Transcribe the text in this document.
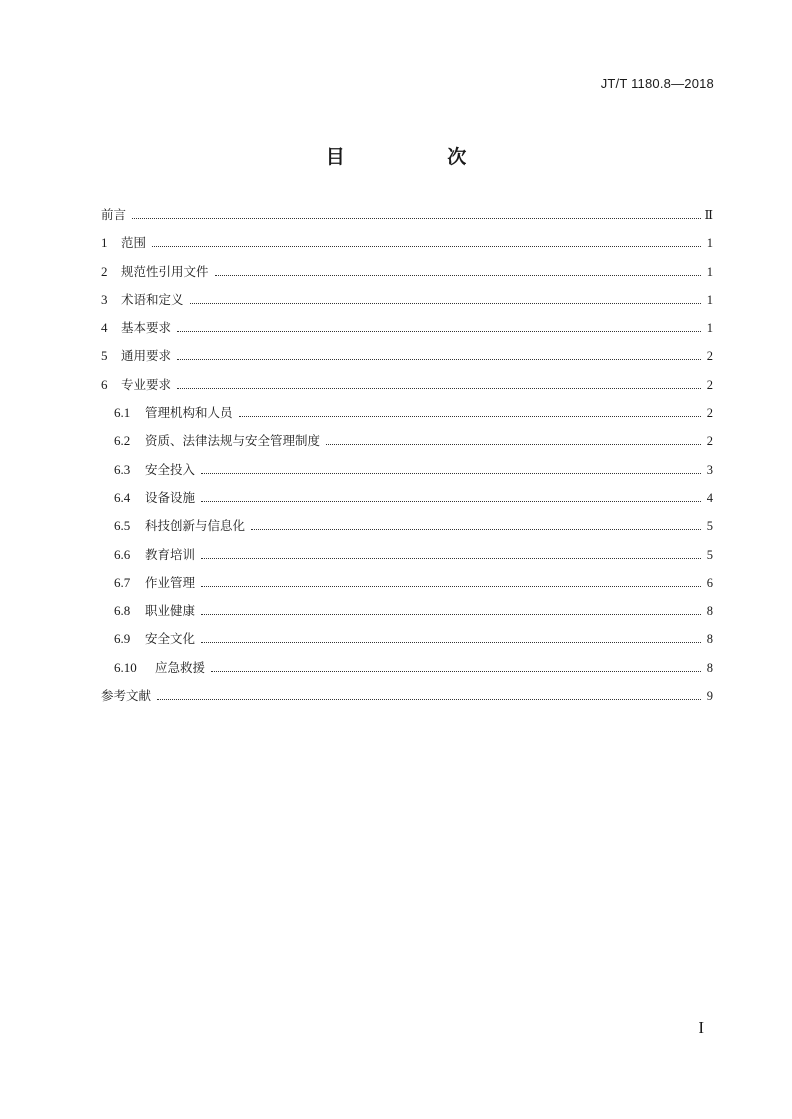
JT/T 1180.8—2018
目 次
前言	Ⅱ
1	范围	1
2	规范性引用文件	1
3	术语和定义	1
4	基本要求	1
5	通用要求	2
6	专业要求	2
6.1	管理机构和人员	2
6.2	资质、法律法规与安全管理制度	2
6.3	安全投入	3
6.4	设备设施	4
6.5	科技创新与信息化	5
6.6	教育培训	5
6.7	作业管理	6
6.8	职业健康	8
6.9	安全文化	8
6.10	应急救援	8
参考文献	9
I
